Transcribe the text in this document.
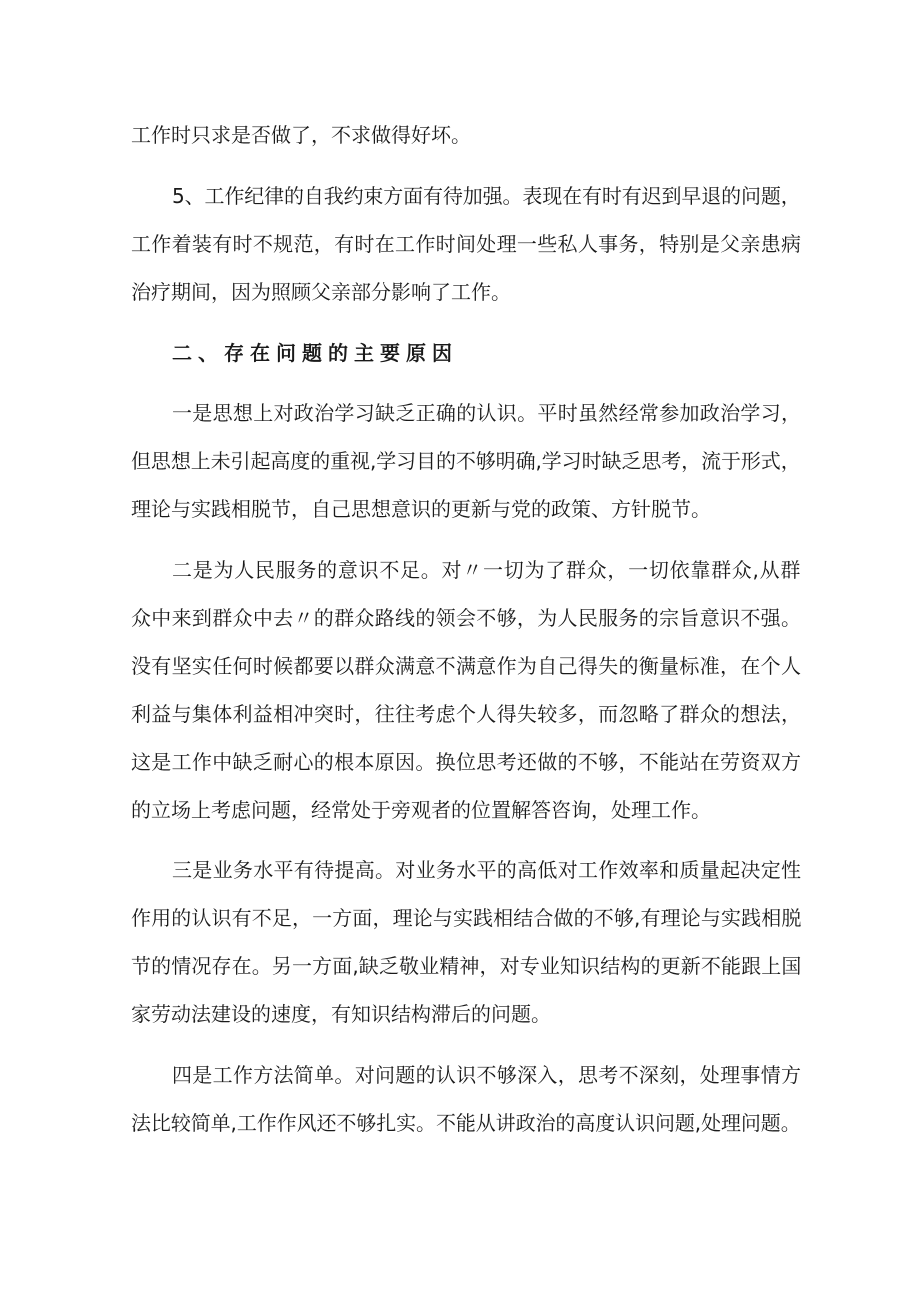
工作时只求是否做了，不求做得好坏。
5、工作纪律的自我约束方面有待加强。表现在有时有迟到早退的问题，
工作着装有时不规范，有时在工作时间处理一些私人事务，特别是父亲患病
治疗期间，因为照顾父亲部分影响了工作。
二、存在问题的主要原因
一是思想上对政治学习缺乏正确的认识。平时虽然经常参加政治学习，
但思想上未引起高度的重视,学习目的不够明确,学习时缺乏思考，流于形式，
理论与实践相脱节，自己思想意识的更新与党的政策、方针脱节。
二是为人民服务的意识不足。对〃一切为了群众，一切依靠群众,从群
众中来到群众中去〃的群众路线的领会不够，为人民服务的宗旨意识不强。
没有坚实任何时候都要以群众满意不满意作为自己得失的衡量标准，在个人
利益与集体利益相冲突时，往往考虑个人得失较多，而忽略了群众的想法，
这是工作中缺乏耐心的根本原因。换位思考还做的不够，不能站在劳资双方
的立场上考虑问题，经常处于旁观者的位置解答咨询，处理工作。
三是业务水平有待提高。对业务水平的高低对工作效率和质量起决定性
作用的认识有不足，一方面，理论与实践相结合做的不够,有理论与实践相脱
节的情况存在。另一方面,缺乏敬业精神，对专业知识结构的更新不能跟上国
家劳动法建设的速度，有知识结构滞后的问题。
四是工作方法简单。对问题的认识不够深入，思考不深刻，处理事情方
法比较简单,工作作风还不够扎实。不能从讲政治的高度认识问题,处理问题。
